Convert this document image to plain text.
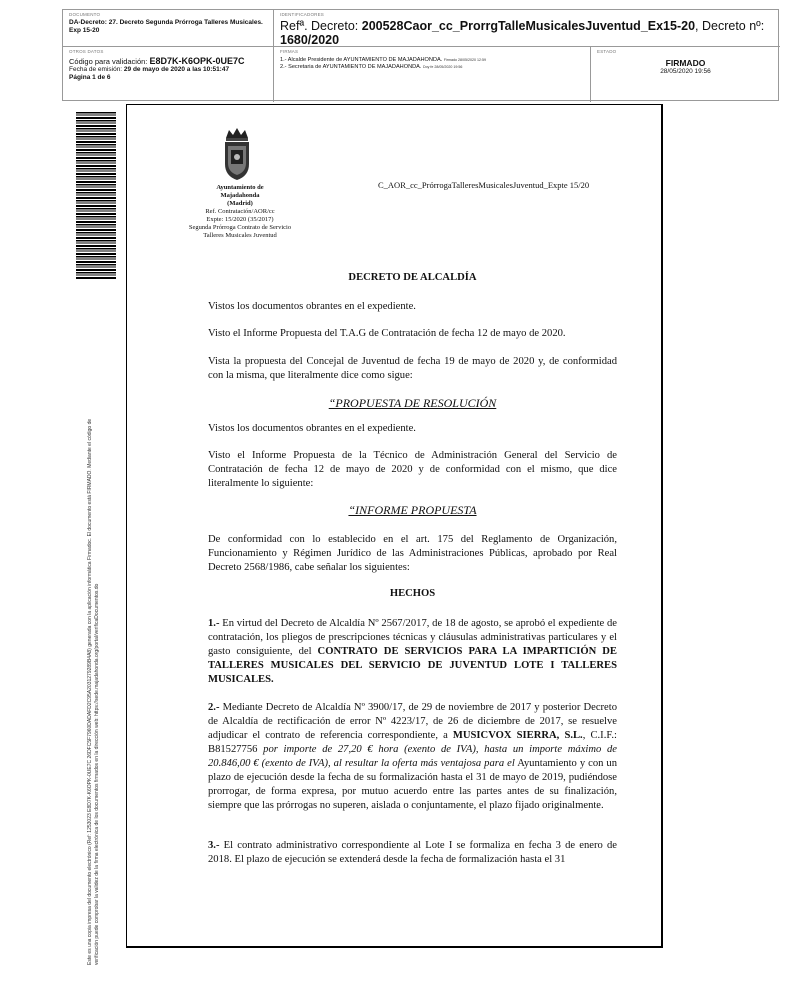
DOCUMENTO
DA-Decreto: 27. Decreto Segunda Prórroga Talleres Musicales. Exp 15-20
IDENTIFICADORES
Refª. Decreto: 200528Caor_cc_ProrrgTalleMusicalesJuventud_Ex15-20, Decreto nº: 1680/2020
OTROS DATOS
Código para validación: E8D7K-K6OPK-0UE7C
Fecha de emisión: 29 de mayo de 2020 a las 10:51:47
Página 1 de 6
FIRMAS
1.- Alcalde Presidente de AYUNTAMIENTO DE MAJADAHONDA. Firmado 28/05/2020 12:59
2.- Secretaria de AYUNTAMIENTO DE MAJADAHONDA. Doy fe 28/05/2020 19:56
ESTADO
FIRMADO
28/05/2020 19:56
Este es una copia impresa del documento electrónico (Ref: 1253023 E8D7K-K6OPK-0UE7C 26DFC5F7960DADAFD2C95A2031279289B4A8) generada con la aplicación informática Firmadoc. El documento está FIRMADO. Mediante el código de verificación puede comprobar la validez de la firma electrónica de los documentos firmados en la dirección web: https://sede.majadahonda.org/portal/verificaDocumentos.do
Ayuntamiento de
Majadahonda
(Madrid)
Ref. Contratación/AOR/cc
Expte: 15/2020 (35/2017)
Segunda Prórroga Contrato de Servicio
Talleres Musicales Juventud
C_AOR_cc_PrórrogaTalleresMusicalesJuventud_Expte 15/20
DECRETO DE ALCALDÍA
Vistos los documentos obrantes en el expediente.
Visto el Informe Propuesta del T.A.G de Contratación de fecha 12 de mayo de 2020.
Vista la propuesta del Concejal de Juventud de fecha 19 de mayo de 2020 y, de conformidad con la misma, que literalmente dice como sigue:
“PROPUESTA DE RESOLUCIÓN
Vistos los documentos obrantes en el expediente.
Visto el Informe Propuesta de la Técnico de Administración General del Servicio de Contratación de fecha 12 de mayo de 2020 y de conformidad con el mismo, que dice literalmente lo siguiente:
“INFORME PROPUESTA
De conformidad con lo establecido en el art. 175 del Reglamento de Organización, Funcionamiento y Régimen Jurídico de las Administraciones Públicas, aprobado por Real Decreto 2568/1986, cabe señalar los siguientes:
HECHOS
1.- En virtud del Decreto de Alcaldía Nº 2567/2017, de 18 de agosto, se aprobó el expediente de contratación, los pliegos de prescripciones técnicas y cláusulas administrativas particulares y el gasto consiguiente, del CONTRATO DE SERVICIOS PARA LA IMPARTICIÓN DE TALLERES MUSICALES DEL SERVICIO DE JUVENTUD LOTE I TALLERES MUSICALES.
2.- Mediante Decreto de Alcaldía Nº 3900/17, de 29 de noviembre de 2017 y posterior Decreto de Alcaldía de rectificación de error Nº 4223/17, de 26 de diciembre de 2017, se resuelve adjudicar el contrato de referencia correspondiente, a MUSICVOX SIERRA, S.L., C.I.F.: B81527756 por importe de 27,20 € hora (exento de IVA), hasta un importe máximo de 20.846,00 € (exento de IVA), al resultar la oferta más ventajosa para el Ayuntamiento y con un plazo de ejecución desde la fecha de su formalización hasta el 31 de mayo de 2019, pudiéndose prorrogar, de forma expresa, por mutuo acuerdo entre las partes antes de su finalización, siempre que las prórrogas no superen, aislada o conjuntamente, el plazo fijado originalmente.
3.- El contrato administrativo correspondiente al Lote I se formaliza en fecha 3 de enero de 2018. El plazo de ejecución se extenderá desde la fecha de formalización hasta el 31
